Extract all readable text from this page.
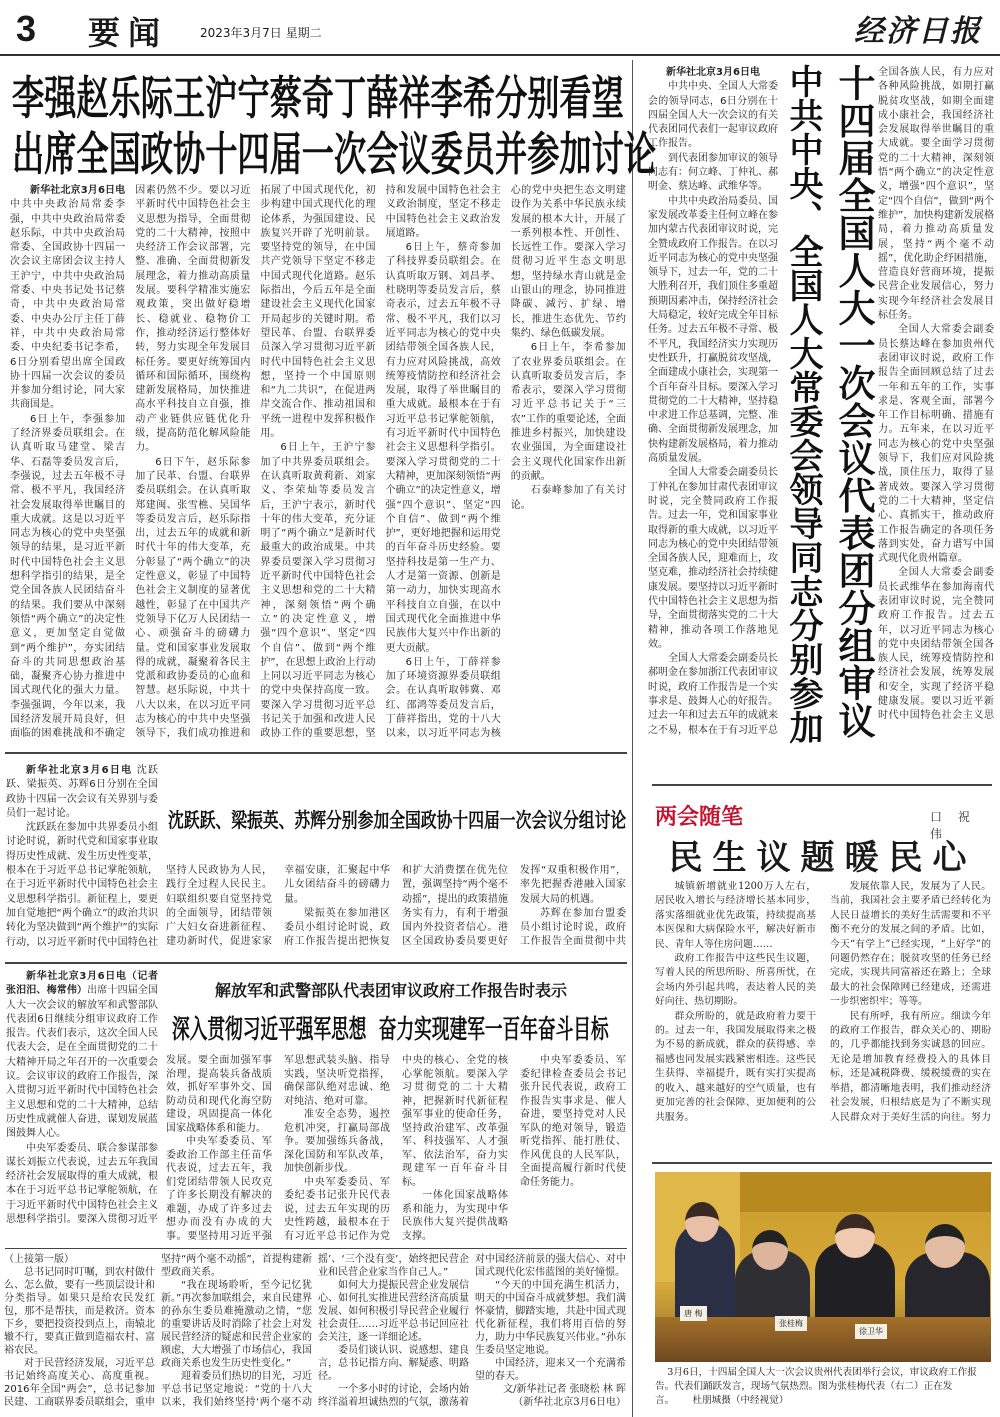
3 要闻	2023年3月7日 星期二	经济日报
李强赵乐际王沪宁蔡奇丁薛祥李希分别看望
出席全国政协十四届一次会议委员并参加讨论

新华社北京3月6日电中共中央政治局常委李强，中共中央政治局常委赵乐际，中共中央政治局常委、全国政协十四届一次会议主席团会议主持人王沪宁，中共中央政治局常委、中央书记处书记蔡奇，中共中央政治局常委、中央办公厅主任丁薛祥，中共中央政治局常委、中央纪委书记李希，6日分别看望出席全国政协十四届一次会议的委员并参加分组讨论，同大家共商国是。

6日上午，李强参加了经济界委员联组会。在认真听取马建堂、梁吉华、石磊等委员发言后，李强说，过去五年极不寻常、极不平凡，我国经济社会发展取得举世瞩目的重大成就。这是以习近平同志为核心的党中央坚强领导的结果，是习近平新时代中国特色社会主义思想科学指引的结果，是全党全国各族人民团结奋斗的结果。我们要从中深刻领悟“两个确立”的决定性意义，更加坚定自觉做到“两个维护”，夯实团结奋斗的共同思想政治基础，凝聚齐心协力推进中国式现代化的强大力量。李强强调，今年以来，我国经济发展开局良好，但面临的困难挑战和不确定因素仍然不少。要以习近平新时代中国特色社会主义思想为指导，全面贯彻党的二十大精神，按照中央经济工作会议部署，完整、准确、全面贯彻新发展理念，着力推动高质量发展。要科学精准实施宏观政策，突出做好稳增长、稳就业、稳物价工作，推动经济运行整体好转，努力实现全年发展目标任务。要更好统筹国内循环和国际循环，围绕构建新发展格局，加快推进高水平科技自立自强，推动产业链供应链优化升级，提高防范化解风险能力。

6日下午，赵乐际参加了民革、台盟、台联界委员联组会。在认真听取郑建闽、张雪樵、吴国华等委员发言后，赵乐际指出，过去五年的成就和新时代十年的伟大变革，充分彰显了“两个确立”的决定性意义，彰显了中国特色社会主义制度的显著优越性，彰显了在中国共产党领导下亿万人民团结一心、顽强奋斗的磅礴力量。党和国家事业发展取得的成就，凝聚着各民主党派和政协委员的心血和智慧。赵乐际说，中共十八大以来，在以习近平同志为核心的中共中央坚强领导下，我们成功推进和拓展了中国式现代化，初步构建中国式现代化的理论体系，为强国建设、民族复兴开辟了光明前景。要坚持党的领导，在中国共产党领导下坚定不移走中国式现代化道路。赵乐际指出，今后五年是全面建设社会主义现代化国家开局起步的关键时期。希望民革、台盟、台联界委员深入学习贯彻习近平新时代中国特色社会主义思想，坚持一个中国原则和“九二共识”，在促进两岸交流合作、推动祖国和平统一进程中发挥积极作用。

6日上午，王沪宁参加了中共界委员联组会。在认真听取黄莉新、刘家义、李荣灿等委员发言后，王沪宁表示，新时代十年的伟大变革，充分证明了“两个确立”是新时代最重大的政治成果。中共界委员要深入学习贯彻习近平新时代中国特色社会主义思想和党的二十大精神，深刻领悟“两个确立”的决定性意义，增强“四个意识”、坚定“四个自信”、做到“两个维护”，在思想上政治上行动上同以习近平同志为核心的党中央保持高度一致。要深入学习贯彻习近平总书记关于加强和改进人民政协工作的重要思想，坚持和发展中国特色社会主义政治制度，坚定不移走中国特色社会主义政治发展道路。

6日上午，蔡奇参加了科技界委员联组会。在认真听取万钢、刘昌孝、杜晓明等委员发言后，蔡奇表示，过去五年极不寻常、极不平凡，我们以习近平同志为核心的党中央团结带领全国各族人民，有力应对风险挑战，高效统筹疫情防控和经济社会发展，取得了举世瞩目的重大成就。最根本在于有习近平总书记掌舵领航，有习近平新时代中国特色社会主义思想科学指引。要深入学习贯彻党的二十大精神，更加深刻领悟“两个确立”的决定性意义，增强“四个意识”、坚定“四个自信”、做到“两个维护”，更好地把握和运用党的百年奋斗历史经验。要坚持科技是第一生产力、人才是第一资源、创新是第一动力，加快实现高水平科技自立自强，在以中国式现代化全面推进中华民族伟大复兴中作出新的更大贡献。

6日上午，丁薛祥参加了环境资源界委员联组会。在认真听取韩冀、邓红、邵鸿等委员发言后，丁薛祥指出，党的十八大以来，以习近平同志为核心的党中央把生态文明建设作为关系中华民族永续发展的根本大计，开展了一系列根本性、开创性、长远性工作。要深入学习贯彻习近平生态文明思想，坚持绿水青山就是金山银山的理念，协同推进降碳、减污、扩绿、增长，推进生态优先、节约集约、绿色低碳发展。

6日上午，李希参加了农业界委员联组会。在认真听取委员发言后，李希表示，要深入学习贯彻习近平总书记关于“三农”工作的重要论述，全面推进乡村振兴，加快建设农业强国，为全面建设社会主义现代化国家作出新的贡献。

石泰峰参加了有关讨论。	十四届全国人大一次会议代表团分组审议
中共中央、全国人大常委会领导同志分别参加

新华社北京3月6日电

中共中央、全国人大常委会的领导同志，6日分别在十四届全国人大一次会议的有关代表团同代表们一起审议政府工作报告。

到代表团参加审议的领导同志有：何立峰、丁仲礼、郝明金、蔡达峰、武维华等。

中共中央政治局委员、国家发展改革委主任何立峰在参加内蒙古代表团审议时说，完全赞成政府工作报告。在以习近平同志为核心的党中央坚强领导下，过去一年，党的二十大胜利召开，我们顶住多重超预期因素冲击，保持经济社会大局稳定，较好完成全年目标任务。过去五年极不寻常、极不平凡，我国经济实力实现历史性跃升，打赢脱贫攻坚战，全面建成小康社会，实现第一个百年奋斗目标。要深入学习贯彻党的二十大精神，坚持稳中求进工作总基调，完整、准确、全面贯彻新发展理念，加快构建新发展格局，着力推动高质量发展。

全国人大常委会副委员长丁仲礼在参加甘肃代表团审议时说，完全赞同政府工作报告。过去一年，党和国家事业取得新的重大成就，以习近平同志为核心的党中央团结带领全国各族人民，迎难而上，攻坚克难，推动经济社会持续健康发展。要坚持以习近平新时代中国特色社会主义思想为指导，全面贯彻落实党的二十大精神，推动各项工作落地见效。

全国人大常委会副委员长郝明金在参加浙江代表团审议时说，政府工作报告是一个实事求是、鼓舞人心的好报告。过去一年和过去五年的成就来之不易，根本在于有习近平总

全国各族人民，有力应对各种风险挑战，如期打赢脱贫攻坚战，如期全面建成小康社会，我国经济社会发展取得举世瞩目的重大成就。要全面学习贯彻党的二十大精神，深刻领悟“两个确立”的决定性意义，增强“四个意识”，坚定“四个自信”，做到“两个维护”，加快构建新发展格局，着力推动高质量发展，坚持“两个毫不动摇”，优化助企纾困措施，营造良好营商环境，提振民营企业发展信心，努力实现今年经济社会发展目标任务。

全国人大常委会副委员长蔡达峰在参加贵州代表团审议时说，政府工作报告全面回顾总结了过去一年和五年的工作，实事求是、客观全面，部署今年工作目标明确、措施有力。五年来，在以习近平同志为核心的党中央坚强领导下，我们应对风险挑战，顶住压力，取得了显著成效。要深入学习贯彻党的二十大精神，坚定信心、真抓实干，推动政府工作报告确定的各项任务落到实处，奋力谱写中国式现代化贵州篇章。

全国人大常委会副委员长武维华在参加海南代表团审议时说，完全赞同政府工作报告。过去五年，以习近平同志为核心的党中央团结带领全国各族人民，统筹疫情防控和经济社会发展，统筹发展和安全，实现了经济平稳健康发展。要以习近平新时代中国特色社会主义思

新华社北京3月6日电 沈跃跃、梁振英、苏辉6日分别在全国政协十四届一次会议有关界别与委员们一起讨论。

沈跃跃在参加中共界委员小组讨论时说，新时代党和国家事业取得历史性成就、发生历史性变革，根本在于习近平总书记掌舵领航，在于习近平新时代中国特色社会主义思想科学指引。新征程上，要更加自觉地把“两个确立”的政治共识转化为坚决做到“两个维护”的实际行动，以习近平新时代中国特色社

沈跃跃、梁振英、苏辉分别参加全国政协十四届一次会议分组讨论

坚持人民政协为人民，践行全过程人民民主。妇联组织要自觉坚持党的全面领导，团结带领广大妇女奋进新征程、建功新时代，促进家家幸福安康，汇聚起中华儿女团结奋斗的磅礴力量。

梁振英在参加港区委员小组讨论时说，政府工作报告提出把恢复和扩大消费摆在优先位置，强调坚持“两个毫不动摇”，提出的政策措施务实有力，有利于增强国内外投资者信心。港区全国政协委员要更好发挥“双重积极作用”，率先把握香港融入国家发展大局的机遇。

苏辉在参加台盟委员小组讨论时说，政府工作报告全面贯彻中共

新华社北京3月6日电（记者张汨汨、梅常伟）出席十四届全国人大一次会议的解放军和武警部队代表团6日继续分组审议政府工作报告。代表们表示，这次全国人民代表大会，是在全面贯彻党的二十大精神开局之年召开的一次重要会议。会议审议的政府工作报告，深入贯彻习近平新时代中国特色社会主义思想和党的二十大精神，总结历史性成就催人奋进，谋划发展蓝图鼓舞人心。

中央军委委员、联合参谋部参谋长刘振立代表说，过去五年我国经济社会发展取得的重大成就，根本在于习近平总书记掌舵领航，在于习近平新时代中国特色社会主义思想科学指引。要深入贯彻习近平

解放军和武警部队代表团审议政府工作报告时表示
深入贯彻习近平强军思想  奋力实现建军一百年奋斗目标

发展。要全面加强军事治理，提高装兵备战质效，抓好军事外交、国防动员和现代化海空防建设，巩固提高一体化国家战略体系和能力。

中央军委委员、军委政治工作部主任苗华代表说，过去五年，我们党团结带领人民攻克了许多长期没有解决的难题，办成了许多过去想办而没有办成的大事。要坚持用习近平强军思想武装头脑、指导实践，坚决听党指挥，确保部队绝对忠诚、绝对纯洁、绝对可靠。

准安全态势，遏控危机冲突，打赢局部战争。要加强练兵备战，深化国防和军队改革，加快创新步伐。

中央军委委员、军委纪委书记张升民代表说，过去五年实现的历史性跨越，最根本在于有习近平总书记作为党中央的核心、全党的核心掌舵领航。要深入学习贯彻党的二十大精神，把握新时代新征程强军事业的使命任务，坚持政治建军、改革强军、科技强军、人才强军、依法治军，奋力实现建军一百年奋斗目标。

一体化国家战略体系和能力，为实现中华民族伟大复兴提供战略支撑。

中央军委委员、军委纪律检查委员会书记张升民代表说，政府工作报告实事求是、催人奋进，要坚持党对人民军队的绝对领导，锻造听党指挥、能打胜仗、作风优良的人民军队，全面提高履行新时代使命任务能力。

（上接第一版）

总书记同时叮嘱，到农村做什么、怎么做，要有一些顶层设计和分类指导。如果只是给农民发红包，那不是帮扶，而是救济。资本下乡，要把投资投到点上，南辕北辙不行，要真正做到造福农村、富裕农民。

对于民营经济发展，习近平总书记始终高度关心、高度重视。2016年全国“两会”，总书记参加民建、工商联界委员联组会，重申坚持“两个毫不动摇”，首提构建新型政商关系。

“我在现场聆听，至今记忆犹新。”再次参加联组会，来自民建界的孙东生委员难掩激动之情，“您的重要讲话及时消除了社会上对发展民营经济的疑虑和民营企业家的顾虑，大大增强了市场信心，我国政商关系也发生历史性变化。”

迎着委员们热切的目光，习近平总书记坚定地说：“党的十八大以来，我们始终坚持‘两个毫不动摇’、‘三个没有变’，始终把民营企业和民营企业家当作自己人。”

如何大力提振民营企业发展信心、如何扎实推进民营经济高质量发展、如何积极引导民营企业履行社会责任……习近平总书记回应社会关注，逐一详细论述。

委员们谈认识、说感想、建良言，总书记指方向、解疑惑、明路径。

一个多小时的讨论，会场内始终洋溢着坦诚热烈的气氛，激荡着对中国经济前景的强大信心、对中国式现代化宏伟蓝图的美好憧憬。

“今天的中国充满生机活力，明天的中国奋斗成就梦想。我们满怀豪情，脚踏实地，共赴中国式现代化新征程，我们将用百倍的努力，助力中华民族复兴伟业。”孙东生委员坚定地说。

中国经济，迎来又一个充满希望的春天。

文/新华社记者 张晓松 林 晖

（新华社北京3月6日电）

两会随笔	口 祝 伟
民生议题暖民心

城镇新增就业1200万人左右，居民收入增长与经济增长基本同步，落实落细就业优先政策，持续提高基本医保和大病保险水平，解决好新市民、青年人等住房问题……

政府工作报告中这些民生议题，写着人民的所思所盼、所喜所忧，在会场内外引起共鸣，表达着人民的美好向往、热切期盼。

群众所盼的，就是政府着力要干的。过去一年，我国发展取得来之极为不易的新成就，群众的获得感、幸福感也同发展实践紧密相连。这些民生获得、幸福提升，既有实打实提高的收入、越来越好的空气质量，也有更加完善的社会保障、更加便利的公共服务。

发展依靠人民，发展为了人民。当前，我国社会主要矛盾已经转化为人民日益增长的美好生活需要和不平衡不充分的发展之间的矛盾。比如，今天“有学上”已经实现，“上好学”的问题仍然存在；脱贫攻坚的任务已经完成，实现共同富裕还在路上；全球最大的社会保障网已经建成，还需进一步织密织牢；等等。

民有所呼，我有所应。细读今年的政府工作报告，群众关心的、期盼的，几乎都能找到务实诚恳的回应。无论是增加教育经费投入的具体目标，还是减税降费、缓税缓费的实在举措，都清晰地表明，我们推动经济社会发展，归根结底是为了不断实现人民群众对于美好生活的向往。努力

唐 梅
张桂梅
徐卫华
3月6日，十四届全国人大一次会议贵州代表团举行会议，审议政府工作报告。代表们踊跃发言，现场气氛热烈。图为张桂梅代表（右二）正在发言。 杜朋城摄（中经视觉）
